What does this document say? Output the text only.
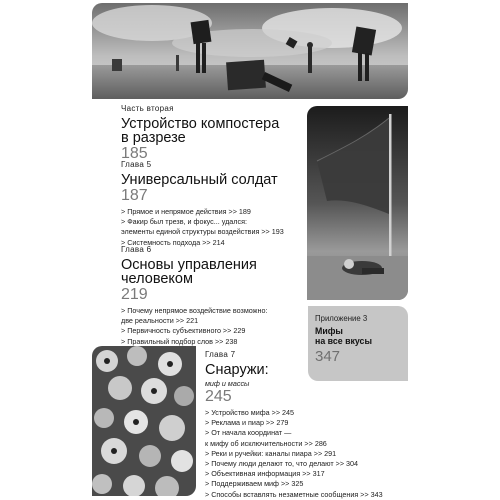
Часть вторая
Устройство компостера
в разрезе
185
Глава 5
Универсальный солдат
187
> Прямое и непрямое действия >> 189
> Факир был трезв, и фокус... удался:
элементы единой структуры воздействия >> 193
> Системность подхода >> 214
Глава 6
Основы управления
человеком
219
> Почему непрямое воздействие возможно:
две реальности >> 221
> Первичность субъективного >> 229
> Правильный подбор слов >> 238
Приложение 3
Мифы
на все вкусы
347
Глава 7
Снаружи:
миф и массы
245
> Устройство мифа >> 245
> Реклама и пиар >> 279
> От начала координат —
к мифу об исключительности >> 286
> Реки и ручейки: каналы пиара >> 291
> Почему люди делают то, что делают >> 304
> Объективная информация >> 317
> Поддерживаем миф >> 325
> Способы вставлять незаметные сообщения >> 343
